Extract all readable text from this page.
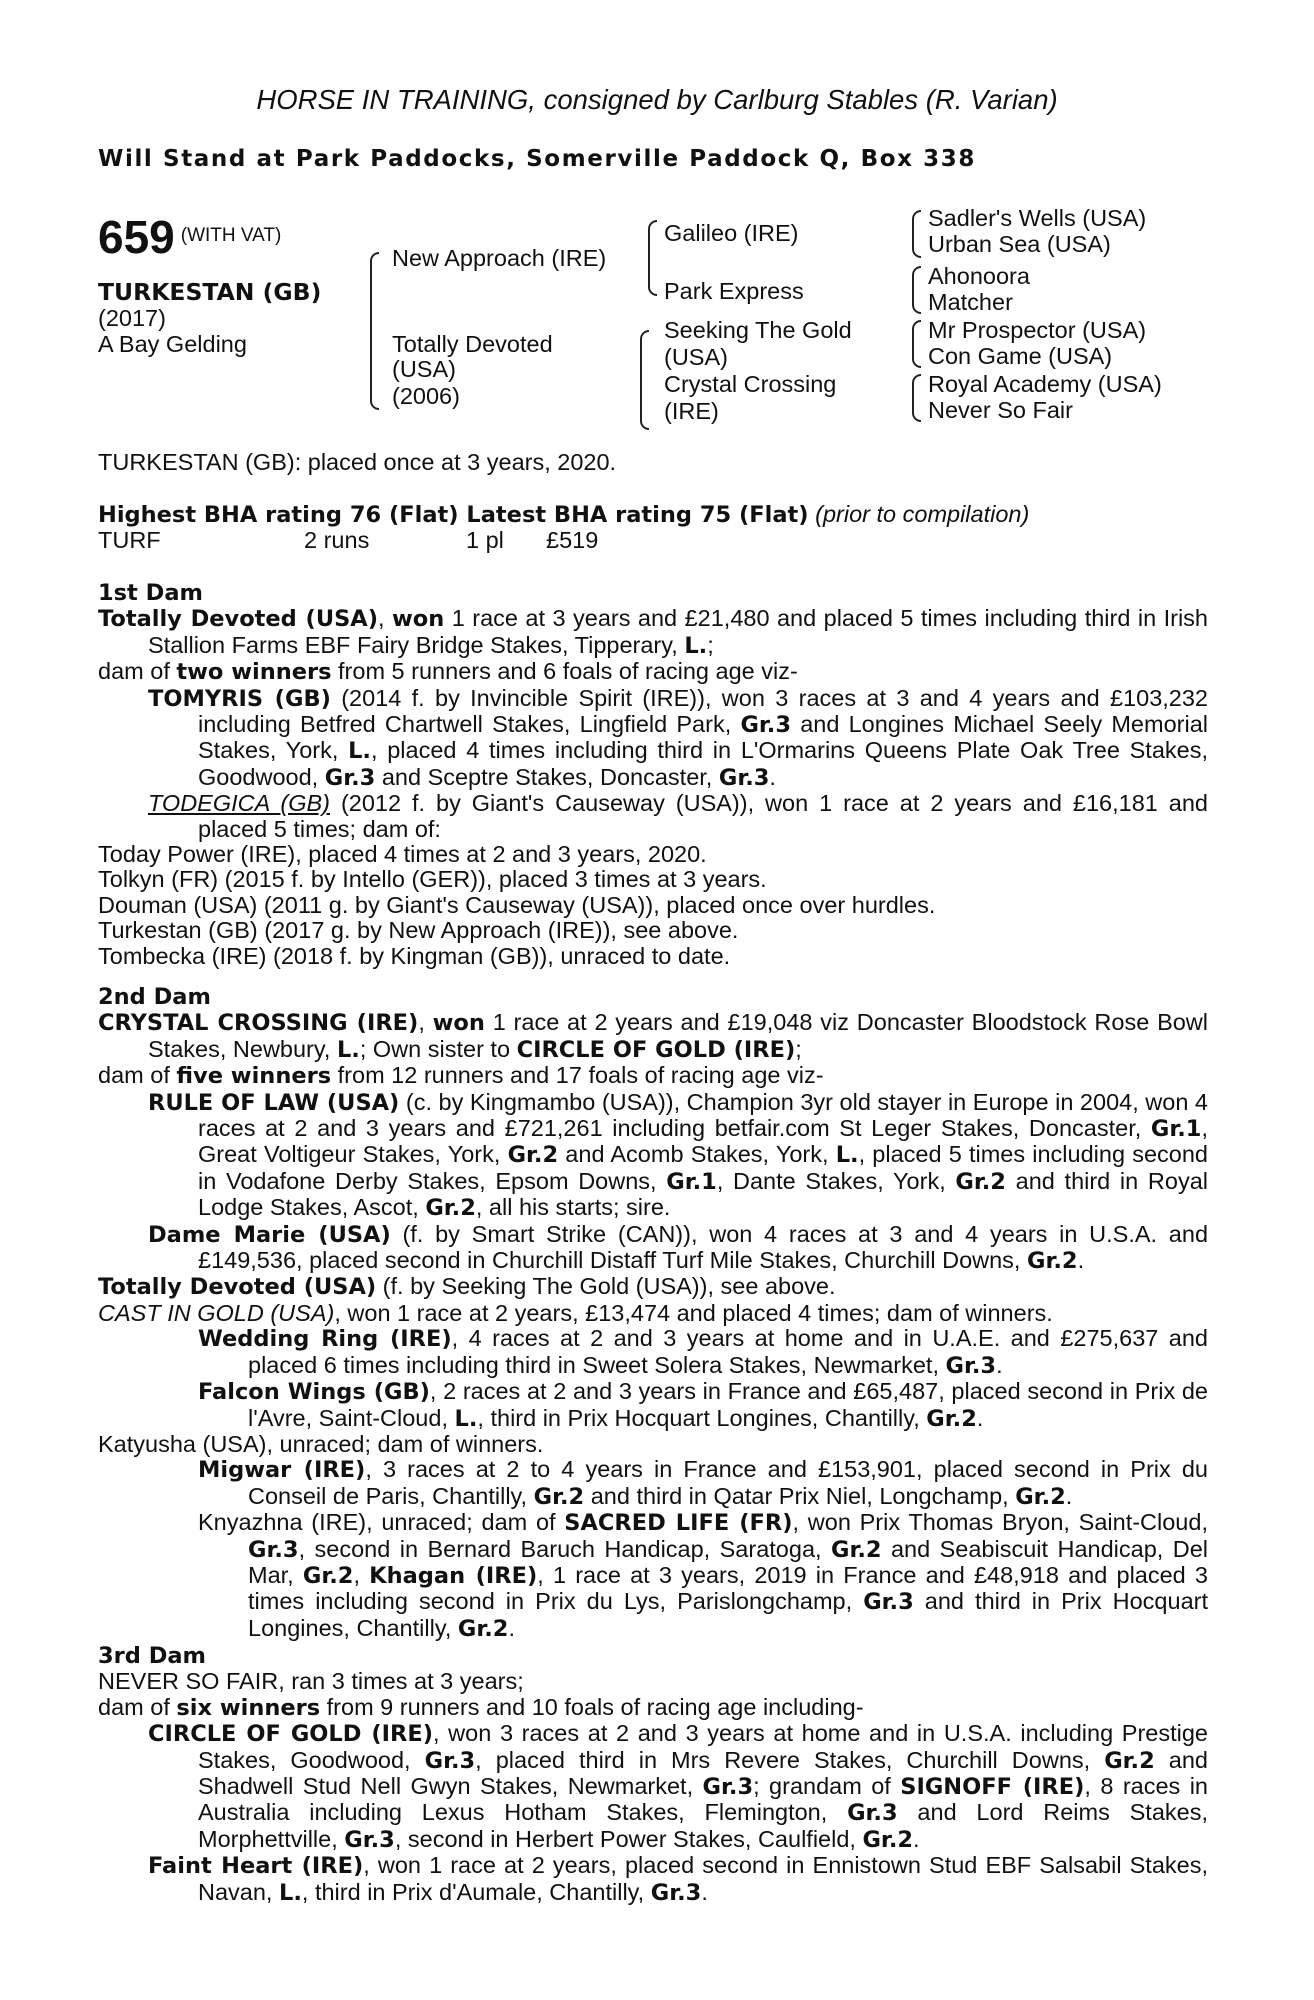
HORSE IN TRAINING, consigned by Carlburg Stables (R. Varian)
Will Stand at Park Paddocks, Somerville Paddock Q, Box 338
659 $^{(WITH VAT)}$
TURKESTAN (GB)
(2017)
A Bay Gelding
New Approach (IRE)
Totally Devoted
(USA)
(2006)
Galileo (IRE)
Park Express
Seeking The Gold
(USA)
Crystal Crossing
(IRE)
Sadler's Wells (USA)
Urban Sea (USA)
Ahonoora
Matcher
Mr Prospector (USA)
Con Game (USA)
Royal Academy (USA)
Never So Fair
TURKESTAN (GB): placed once at 3 years, 2020.
Highest BHA rating 76 (Flat) Latest BHA rating 75 (Flat) (prior to compilation)
TURF	2 runs	1 pl £519

1st Dam

Totally Devoted (USA), won 1 race at 3 years and £21,480 and placed 5 times including third in Irish Stallion Farms EBF Fairy Bridge Stakes, Tipperary, L.;

dam of two winners from 5 runners and 6 foals of racing age viz-

TOMYRIS (GB) (2014 f. by Invincible Spirit (IRE)), won 3 races at 3 and 4 years and £103,232 including Betfred Chartwell Stakes, Lingfield Park, Gr.3 and Longines Michael Seely Memorial Stakes, York, L., placed 4 times including third in L'Ormarins Queens Plate Oak Tree Stakes, Goodwood, Gr.3 and Sceptre Stakes, Doncaster, Gr.3.

TODEGICA (GB) (2012 f. by Giant's Causeway (USA)), won 1 race at 2 years and £16,181 and placed 5 times; dam of:

Today Power (IRE), placed 4 times at 2 and 3 years, 2020.

Tolkyn (FR) (2015 f. by Intello (GER)), placed 3 times at 3 years.

Douman (USA) (2011 g. by Giant's Causeway (USA)), placed once over hurdles.

Turkestan (GB) (2017 g. by New Approach (IRE)), see above.

Tombecka (IRE) (2018 f. by Kingman (GB)), unraced to date.

2nd Dam

CRYSTAL CROSSING (IRE), won 1 race at 2 years and £19,048 viz Doncaster Bloodstock Rose Bowl Stakes, Newbury, L.; Own sister to CIRCLE OF GOLD (IRE);

dam of five winners from 12 runners and 17 foals of racing age viz-

RULE OF LAW (USA) (c. by Kingmambo (USA)), Champion 3yr old stayer in Europe in 2004, won 4 races at 2 and 3 years and £721,261 including betfair.com St Leger Stakes, Doncaster, Gr.1, Great Voltigeur Stakes, York, Gr.2 and Acomb Stakes, York, L., placed 5 times including second in Vodafone Derby Stakes, Epsom Downs, Gr.1, Dante Stakes, York, Gr.2 and third in Royal Lodge Stakes, Ascot, Gr.2, all his starts; sire.

Dame Marie (USA) (f. by Smart Strike (CAN)), won 4 races at 3 and 4 years in U.S.A. and £149,536, placed second in Churchill Distaff Turf Mile Stakes, Churchill Downs, Gr.2.

Totally Devoted (USA) (f. by Seeking The Gold (USA)), see above.

CAST IN GOLD (USA), won 1 race at 2 years, £13,474 and placed 4 times; dam of winners.

Wedding Ring (IRE), 4 races at 2 and 3 years at home and in U.A.E. and £275,637 and placed 6 times including third in Sweet Solera Stakes, Newmarket, Gr.3.

Falcon Wings (GB), 2 races at 2 and 3 years in France and £65,487, placed second in Prix de l'Avre, Saint-Cloud, L., third in Prix Hocquart Longines, Chantilly, Gr.2.

Katyusha (USA), unraced; dam of winners.

Migwar (IRE), 3 races at 2 to 4 years in France and £153,901, placed second in Prix du Conseil de Paris, Chantilly, Gr.2 and third in Qatar Prix Niel, Longchamp, Gr.2.

Knyazhna (IRE), unraced; dam of SACRED LIFE (FR), won Prix Thomas Bryon, Saint-Cloud, Gr.3, second in Bernard Baruch Handicap, Saratoga, Gr.2 and Seabiscuit Handicap, Del Mar, Gr.2, Khagan (IRE), 1 race at 3 years, 2019 in France and £48,918 and placed 3 times including second in Prix du Lys, Parislongchamp, Gr.3 and third in Prix Hocquart Longines, Chantilly, Gr.2.

3rd Dam

NEVER SO FAIR, ran 3 times at 3 years;

dam of six winners from 9 runners and 10 foals of racing age including-

CIRCLE OF GOLD (IRE), won 3 races at 2 and 3 years at home and in U.S.A. including Prestige Stakes, Goodwood, Gr.3, placed third in Mrs Revere Stakes, Churchill Downs, Gr.2 and Shadwell Stud Nell Gwyn Stakes, Newmarket, Gr.3; grandam of SIGNOFF (IRE), 8 races in Australia including Lexus Hotham Stakes, Flemington, Gr.3 and Lord Reims Stakes, Morphettville, Gr.3, second in Herbert Power Stakes, Caulfield, Gr.2.

Faint Heart (IRE), won 1 race at 2 years, placed second in Ennistown Stud EBF Salsabil Stakes, Navan, L., third in Prix d'Aumale, Chantilly, Gr.3.
